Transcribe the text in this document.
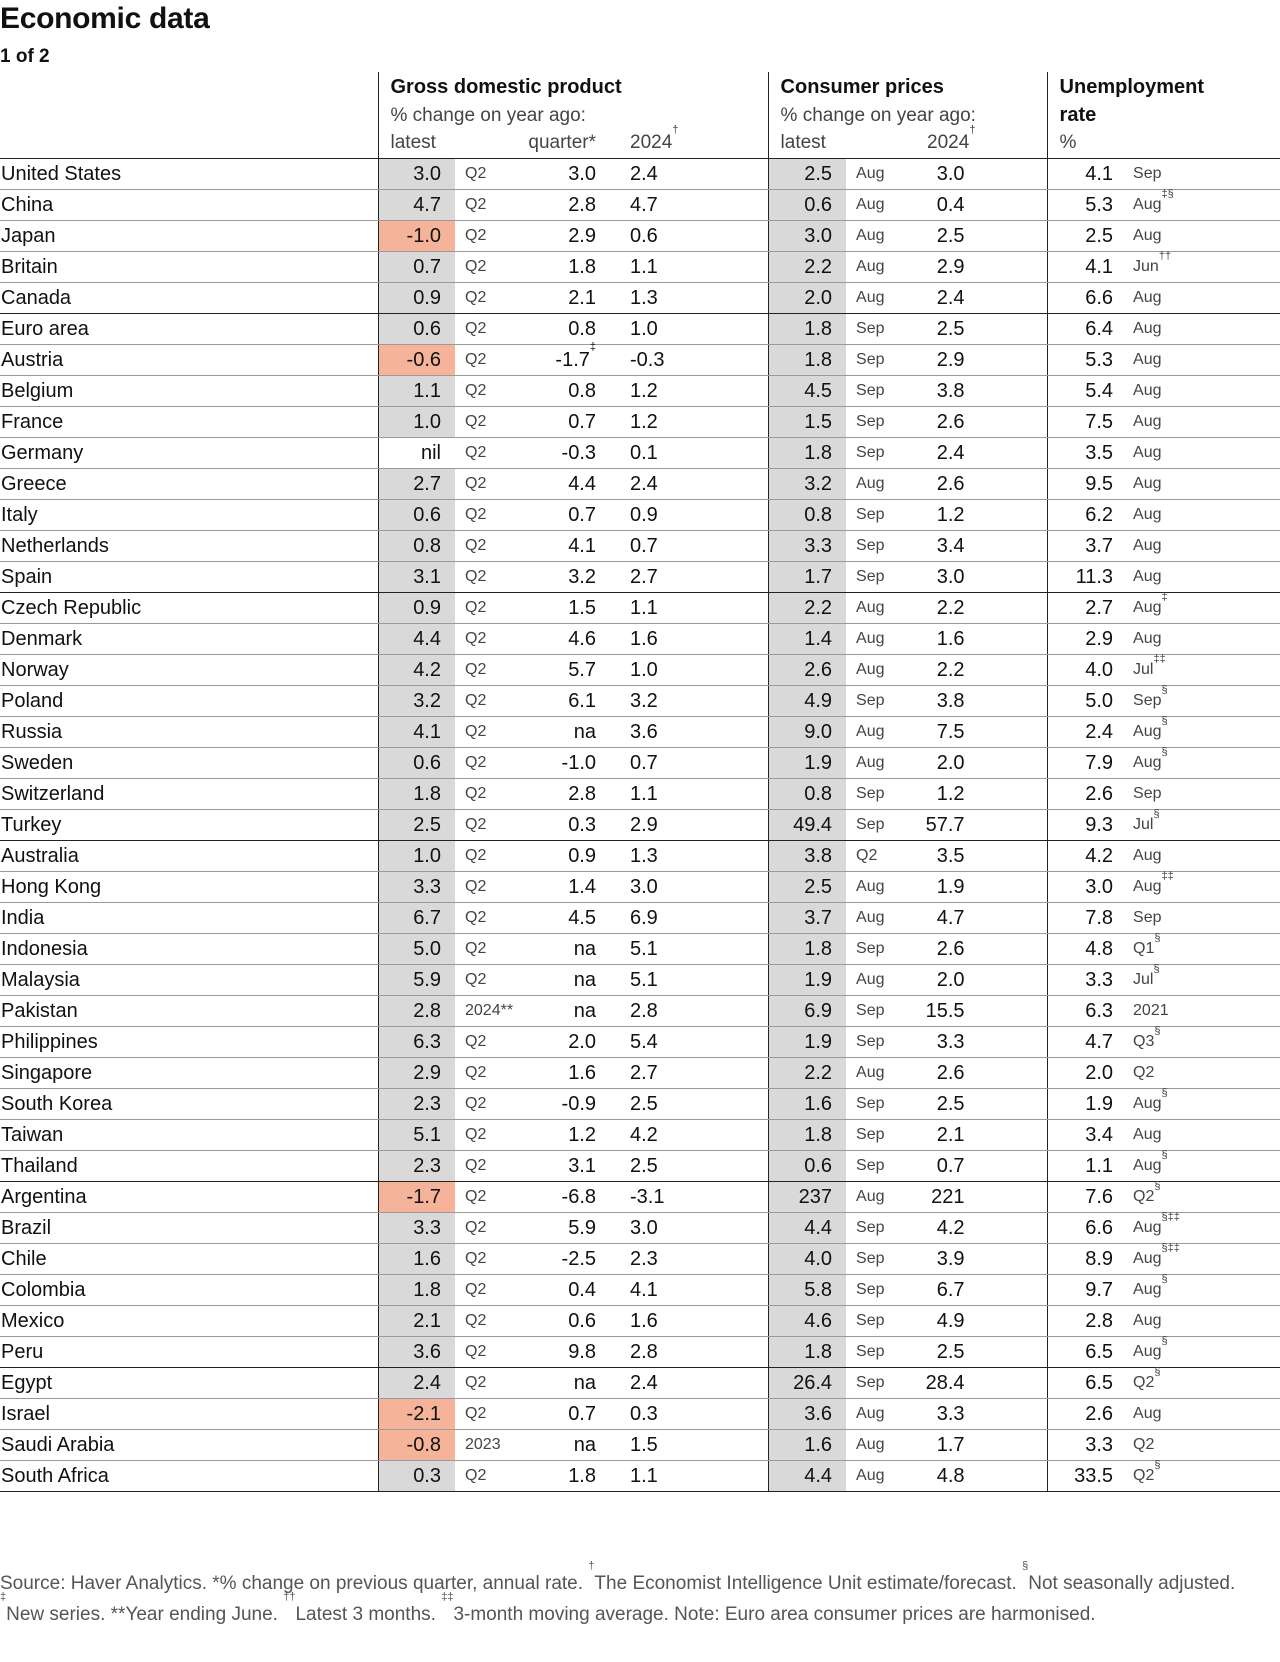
Economic data
1 of 2
	Gross domestic product				Consumer prices			Unemployment	
	% change on year ago:				% change on year ago:			rate	
	latest		quarter*	2024†	latest		2024†	%	
United States	3.0	Q2	3.0	2.4	2.5	Aug	3.0	4.1	Sep
China	4.7	Q2	2.8	4.7	0.6	Aug	0.4	5.3	Aug‡§
Japan	-1.0	Q2	2.9	0.6	3.0	Aug	2.5	2.5	Aug
Britain	0.7	Q2	1.8	1.1	2.2	Aug	2.9	4.1	Jun††
Canada	0.9	Q2	2.1	1.3	2.0	Aug	2.4	6.6	Aug
Euro area	0.6	Q2	0.8	1.0	1.8	Sep	2.5	6.4	Aug
Austria	-0.6	Q2	-1.7‡	-0.3	1.8	Sep	2.9	5.3	Aug
Belgium	1.1	Q2	0.8	1.2	4.5	Sep	3.8	5.4	Aug
France	1.0	Q2	0.7	1.2	1.5	Sep	2.6	7.5	Aug
Germany	nil	Q2	-0.3	0.1	1.8	Sep	2.4	3.5	Aug
Greece	2.7	Q2	4.4	2.4	3.2	Aug	2.6	9.5	Aug
Italy	0.6	Q2	0.7	0.9	0.8	Sep	1.2	6.2	Aug
Netherlands	0.8	Q2	4.1	0.7	3.3	Sep	3.4	3.7	Aug
Spain	3.1	Q2	3.2	2.7	1.7	Sep	3.0	11.3	Aug
Czech Republic	0.9	Q2	1.5	1.1	2.2	Aug	2.2	2.7	Aug‡
Denmark	4.4	Q2	4.6	1.6	1.4	Aug	1.6	2.9	Aug
Norway	4.2	Q2	5.7	1.0	2.6	Aug	2.2	4.0	Jul‡‡
Poland	3.2	Q2	6.1	3.2	4.9	Sep	3.8	5.0	Sep§
Russia	4.1	Q2	na	3.6	9.0	Aug	7.5	2.4	Aug§
Sweden	0.6	Q2	-1.0	0.7	1.9	Aug	2.0	7.9	Aug§
Switzerland	1.8	Q2	2.8	1.1	0.8	Sep	1.2	2.6	Sep
Turkey	2.5	Q2	0.3	2.9	49.4	Sep	57.7	9.3	Jul§
Australia	1.0	Q2	0.9	1.3	3.8	Q2	3.5	4.2	Aug
Hong Kong	3.3	Q2	1.4	3.0	2.5	Aug	1.9	3.0	Aug‡‡
India	6.7	Q2	4.5	6.9	3.7	Aug	4.7	7.8	Sep
Indonesia	5.0	Q2	na	5.1	1.8	Sep	2.6	4.8	Q1§
Malaysia	5.9	Q2	na	5.1	1.9	Aug	2.0	3.3	Jul§
Pakistan	2.8	2024**	na	2.8	6.9	Sep	15.5	6.3	2021
Philippines	6.3	Q2	2.0	5.4	1.9	Sep	3.3	4.7	Q3§
Singapore	2.9	Q2	1.6	2.7	2.2	Aug	2.6	2.0	Q2
South Korea	2.3	Q2	-0.9	2.5	1.6	Sep	2.5	1.9	Aug§
Taiwan	5.1	Q2	1.2	4.2	1.8	Sep	2.1	3.4	Aug
Thailand	2.3	Q2	3.1	2.5	0.6	Sep	0.7	1.1	Aug§
Argentina	-1.7	Q2	-6.8	-3.1	237	Aug	221	7.6	Q2§
Brazil	3.3	Q2	5.9	3.0	4.4	Sep	4.2	6.6	Aug§‡‡
Chile	1.6	Q2	-2.5	2.3	4.0	Sep	3.9	8.9	Aug§‡‡
Colombia	1.8	Q2	0.4	4.1	5.8	Sep	6.7	9.7	Aug§
Mexico	2.1	Q2	0.6	1.6	4.6	Sep	4.9	2.8	Aug
Peru	3.6	Q2	9.8	2.8	1.8	Sep	2.5	6.5	Aug§
Egypt	2.4	Q2	na	2.4	26.4	Sep	28.4	6.5	Q2§
Israel	-2.1	Q2	0.7	0.3	3.6	Aug	3.3	2.6	Aug
Saudi Arabia	-0.8	2023	na	1.5	1.6	Aug	1.7	3.3	Q2
South Africa	0.3	Q2	1.8	1.1	4.4	Aug	4.8	33.5	Q2§
Source: Haver Analytics. *% change on previous quarter, annual rate. †The Economist Intelligence Unit estimate/forecast. §Not seasonally adjusted.
‡New series. **Year ending June. ††Latest 3 months. ‡‡3-month moving average. Note: Euro area consumer prices are harmonised.
